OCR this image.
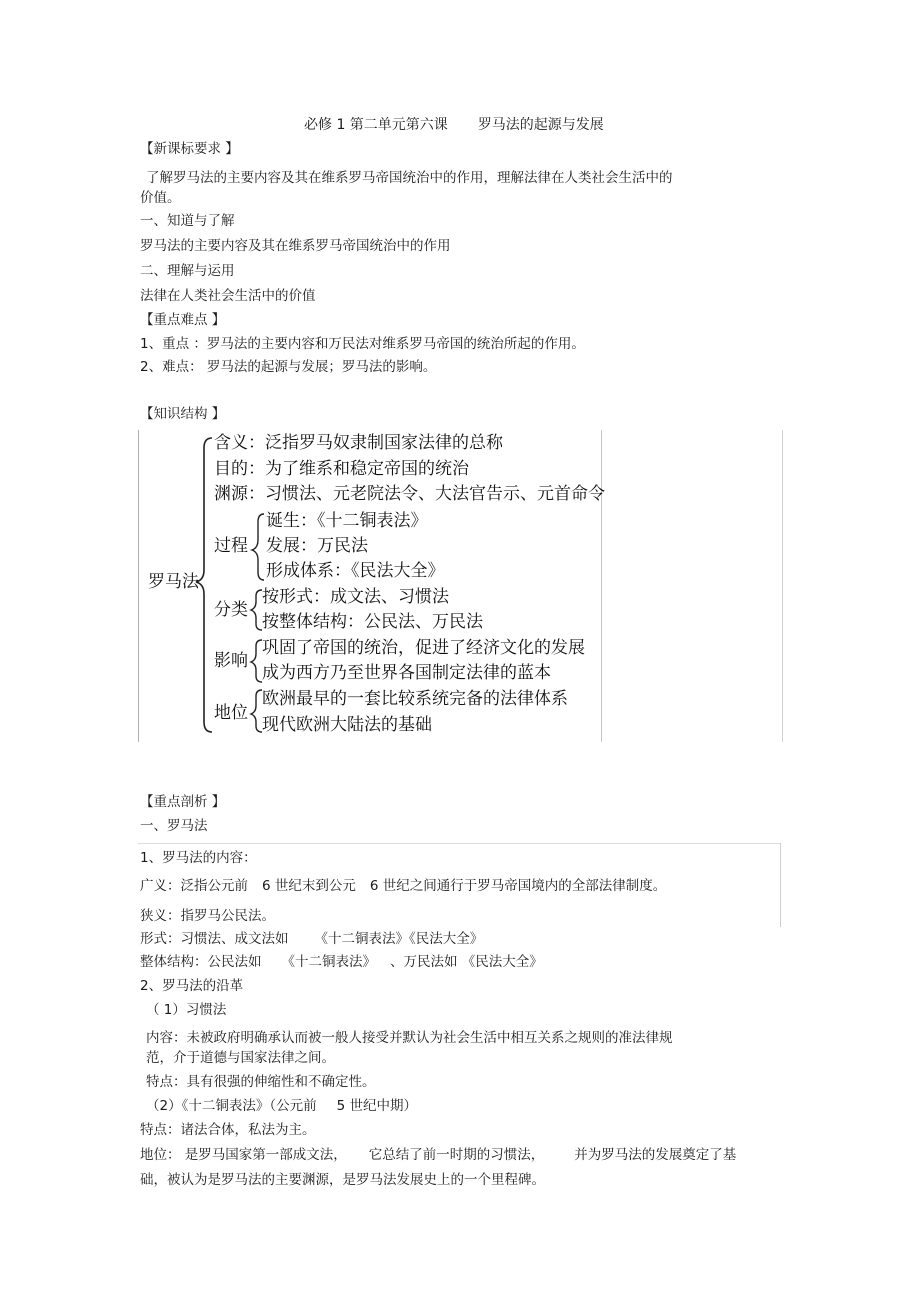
必修 1 第二单元第六课 罗马法的起源与发展
【新课标要求 】
了解罗马法的主要内容及其在维系罗马帝国统治中的作用，理解法律在人类社会生活中的
价值。
一、知道与了解
罗马法的主要内容及其在维系罗马帝国统治中的作用
二、理解与运用
法律在人类社会生活中的价值
【重点难点 】
1、重点 ：罗马法的主要内容和万民法对维系罗马帝国的统治所起的作用。
2、难点： 罗马法的起源与发展；罗马法的影响。
【知识结构 】
罗马法
含义：泛指罗马奴隶制国家法律的总称
目的：为了维系和稳定帝国的统治
渊源：习惯法、元老院法令、大法官告示、元首命令
过程
诞生：《十二铜表法》
发展：万民法
形成体系：《民法大全》
分类
按形式：成文法、习惯法
按整体结构：公民法、万民法
影响
巩固了帝国的统治，促进了经济文化的发展
成为西方乃至世界各国制定法律的蓝本
地位
欧洲最早的一套比较系统完备的法律体系
现代欧洲大陆法的基础
【重点剖析 】
一、罗马法
1、罗马法的内容：
广义：泛指公元前 6 世纪末到公元 6 世纪之间通行于罗马帝国境内的全部法律制度。
狭义：指罗马公民法。
形式：习惯法、成文法如 《十二铜表法》《民法大全》
整体结构：公民法如 《十二铜表法》 、万民法如 《民法大全》
2、罗马法的沿革
（ 1）习惯法
内容：未被政府明确承认而被一般人接受并默认为社会生活中相互关系之规则的准法律规
范，介于道德与国家法律之间。
特点：具有很强的伸缩性和不确定性。
（2）《十二铜表法》（公元前 5 世纪中期）
特点：诸法合体，私法为主。
地位： 是罗马国家第一部成文法， 它总结了前一时期的习惯法， 并为罗马法的发展奠定了基
础，被认为是罗马法的主要渊源，是罗马法发展史上的一个里程碑。
